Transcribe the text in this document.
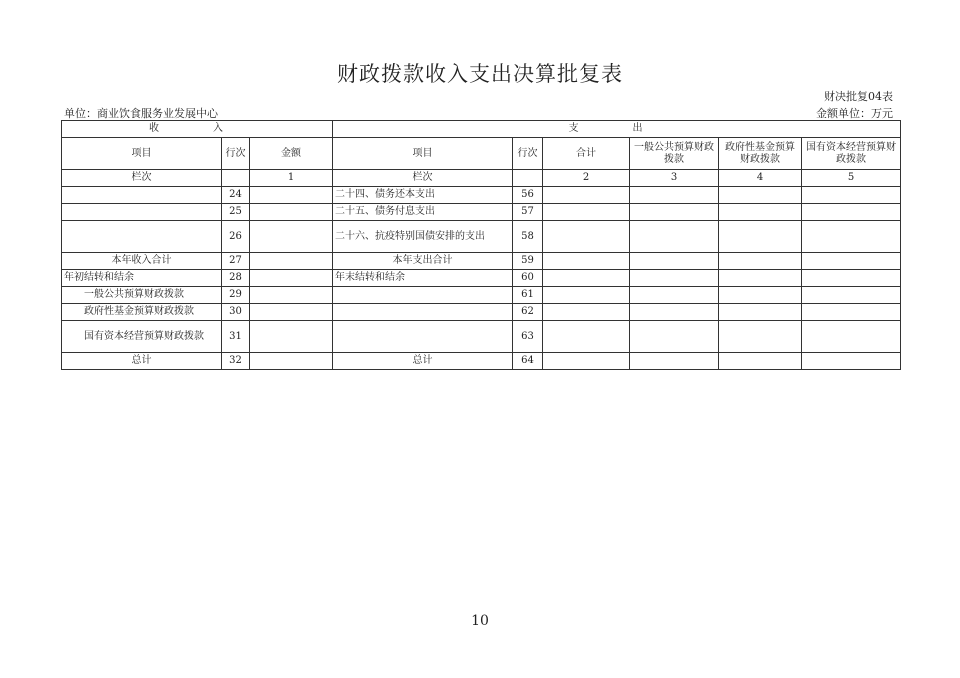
财政拨款收入支出决算批复表
财决批复04表
单位：商业饮食服务业发展中心	金额单位：万元
收　入			支　出					
项目	行次	金额	项目	行次	合计	一般公共预算财政拨款	政府性基金预算财政拨款	国有资本经营预算财政拨款
栏次		1	栏次		2	3	4	5
	24		二十四、债务还本支出	56				
	25		二十五、债务付息支出	57				
	26		二十六、抗疫特别国债安排的支出	58				
本年收入合计	27		本年支出合计	59				
年初结转和结余	28		年末结转和结余	60				
一般公共预算财政拨款	29			61				
政府性基金预算财政拨款	30			62				
国有资本经营预算财政拨款	31			63				
总计	32		总计	64				
10
